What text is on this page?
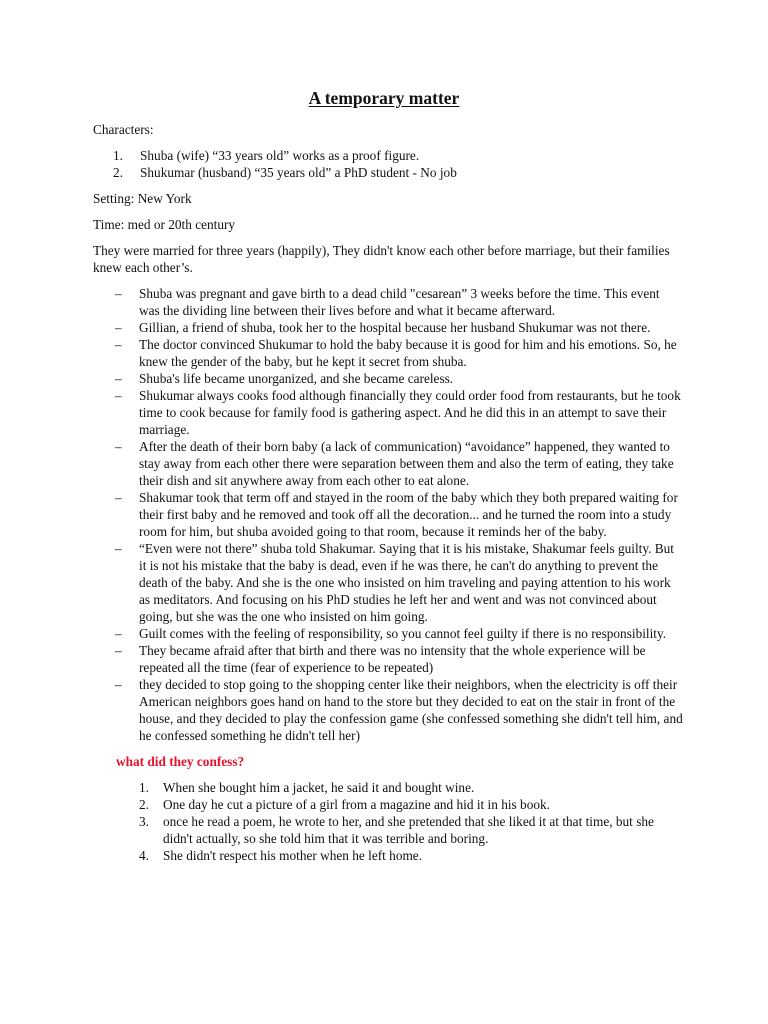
A temporary matter

Characters:

1. Shuba (wife) “33 years old” works as a proof figure.
2. Shukumar (husband) “35 years old” a PhD student - No job

Setting: New York

Time: med or 20th century

They were married for three years (happily), They didn't know each other before marriage, but their families knew each other’s.

– Shuba was pregnant and gave birth to a dead child "cesarean” 3 weeks before the time. This event was the dividing line between their lives before and what it became afterward.
– Gillian, a friend of shuba, took her to the hospital because her husband Shukumar was not there.
– The doctor convinced Shukumar to hold the baby because it is good for him and his emotions. So, he knew the gender of the baby, but he kept it secret from shuba.
– Shuba's life became unorganized, and she became careless.
– Shukumar always cooks food although financially they could order food from restaurants, but he took time to cook because for family food is gathering aspect. And he did this in an attempt to save their marriage.
– After the death of their born baby (a lack of communication) “avoidance” happened, they wanted to stay away from each other there were separation between them and also the term of eating, they take their dish and sit anywhere away from each other to eat alone.
– Shakumar took that term off and stayed in the room of the baby which they both prepared waiting for their first baby and he removed and took off all the decoration... and he turned the room into a study room for him, but shuba avoided going to that room, because it reminds her of the baby.
– “Even were not there” shuba told Shakumar. Saying that it is his mistake, Shakumar feels guilty. But it is not his mistake that the baby is dead, even if he was there, he can't do anything to prevent the death of the baby. And she is the one who insisted on him traveling and paying attention to his work as meditators. And focusing on his PhD studies he left her and went and was not convinced about going, but she was the one who insisted on him going.
– Guilt comes with the feeling of responsibility, so you cannot feel guilty if there is no responsibility.
– They became afraid after that birth and there was no intensity that the whole experience will be repeated all the time (fear of experience to be repeated)
– they decided to stop going to the shopping center like their neighbors, when the electricity is off their American neighbors goes hand on hand to the store but they decided to eat on the stair in front of the house, and they decided to play the confession game (she confessed something she didn't tell him, and he confessed something he didn't tell her)

what did they confess?

1. When she bought him a jacket, he said it and bought wine.
2. One day he cut a picture of a girl from a magazine and hid it in his book.
3. once he read a poem, he wrote to her, and she pretended that she liked it at that time, but she didn't actually, so she told him that it was terrible and boring.
4. She didn't respect his mother when he left home.
